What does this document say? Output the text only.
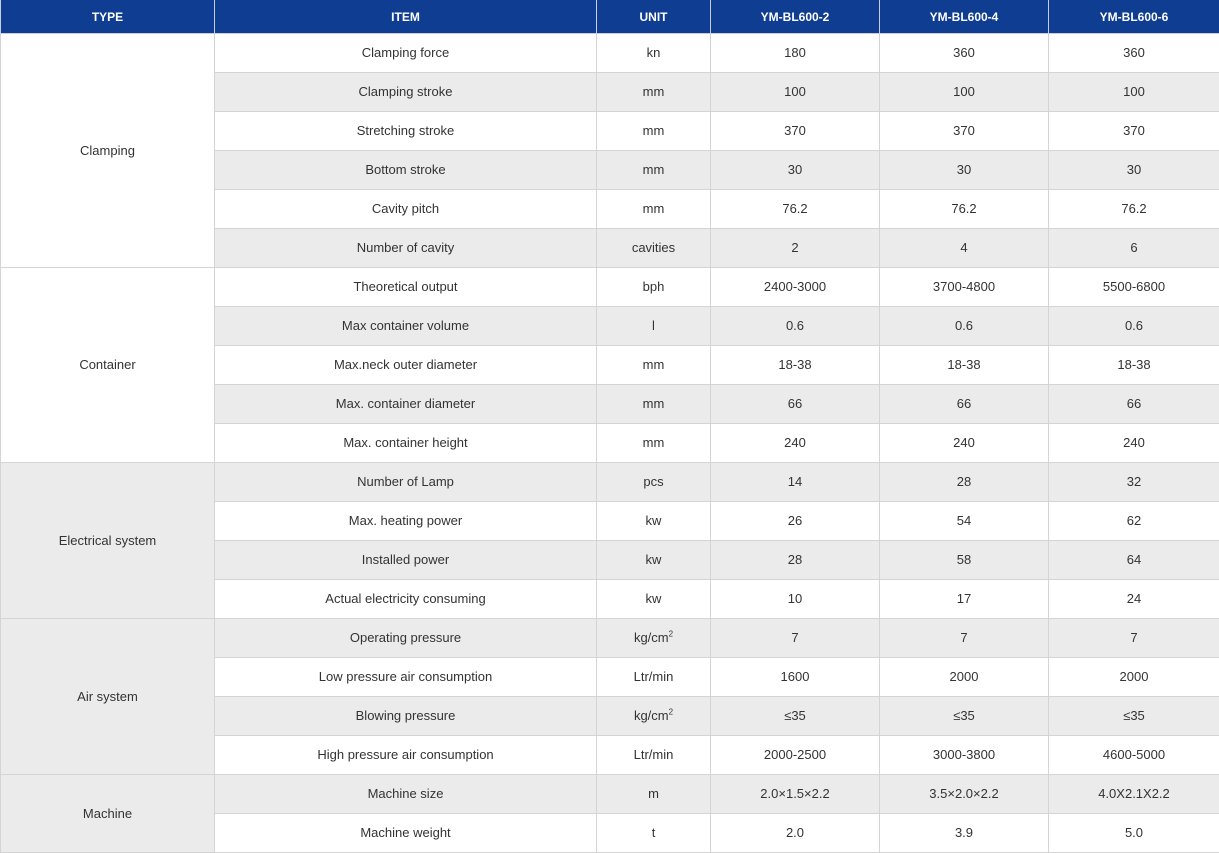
TYPE	ITEM	UNIT	YM-BL600-2	YM-BL600-4	YM-BL600-6
Clamping	Clamping force	kn	180	360	360
	Clamping stroke	mm	100	100	100
	Stretching stroke	mm	370	370	370
	Bottom stroke	mm	30	30	30
	Cavity pitch	mm	76.2	76.2	76.2
	Number of cavity	cavities	2	4	6
Container	Theoretical output	bph	2400-3000	3700-4800	5500-6800
	Max container volume	l	0.6	0.6	0.6
	Max.neck outer diameter	mm	18-38	18-38	18-38
	Max. container diameter	mm	66	66	66
	Max. container height	mm	240	240	240
Electrical system	Number of Lamp	pcs	14	28	32
	Max. heating power	kw	26	54	62
	Installed power	kw	28	58	64
	Actual electricity consuming	kw	10	17	24
Air system	Operating pressure	$kg/cm^2$	7	7	7
	Low pressure air consumption	Ltr/min	1600	2000	2000
	Blowing pressure	$kg/cm^2$	≤35	≤35	≤35
	High pressure air consumption	Ltr/min	2000-2500	3000-3800	4600-5000
Machine	Machine size	m	2.0×1.5×2.2	3.5×2.0×2.2	4.0X2.1X2.2
	Machine weight	t	2.0	3.9	5.0
